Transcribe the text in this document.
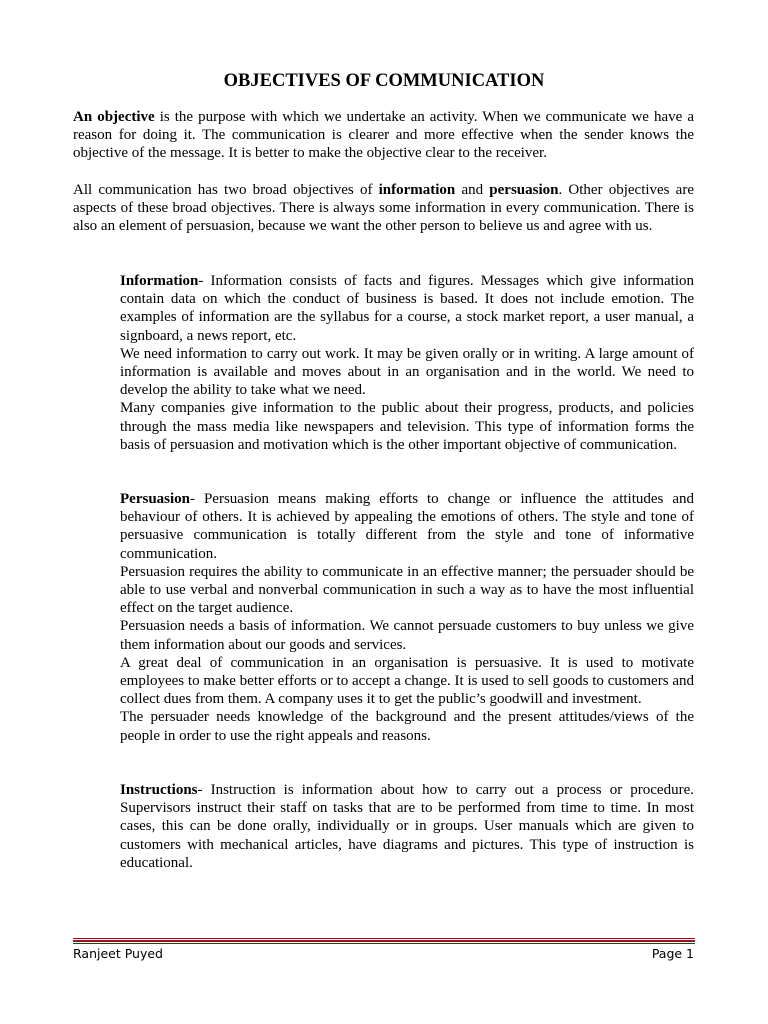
OBJECTIVES OF COMMUNICATION

An objective is the purpose with which we undertake an activity. When we communicate we have a reason for doing it. The communication is clearer and more effective when the sender knows the objective of the message. It is better to make the objective clear to the receiver.

All communication has two broad objectives of information and persuasion. Other objectives are aspects of these broad objectives. There is always some information in every communication. There is also an element of persuasion, because we want the other person to believe us and agree with us.

Information- Information consists of facts and figures. Messages which give information contain data on which the conduct of business is based. It does not include emotion. The examples of information are the syllabus for a course, a stock market report, a user manual, a signboard, a news report, etc.

We need information to carry out work. It may be given orally or in writing. A large amount of information is available and moves about in an organisation and in the world. We need to develop the ability to take what we need.

Many companies give information to the public about their progress, products, and policies through the mass media like newspapers and television. This type of information forms the basis of persuasion and motivation which is the other important objective of communication.

Persuasion- Persuasion means making efforts to change or influence the attitudes and behaviour of others. It is achieved by appealing the emotions of others. The style and tone of persuasive communication is totally different from the style and tone of informative communication.

Persuasion requires the ability to communicate in an effective manner; the persuader should be able to use verbal and nonverbal communication in such a way as to have the most influential effect on the target audience.

Persuasion needs a basis of information. We cannot persuade customers to buy unless we give them information about our goods and services.

A great deal of communication in an organisation is persuasive. It is used to motivate employees to make better efforts or to accept a change. It is used to sell goods to customers and collect dues from them. A company uses it to get the public’s goodwill and investment.

The persuader needs knowledge of the background and the present attitudes/views of the people in order to use the right appeals and reasons.

Instructions- Instruction is information about how to carry out a process or procedure. Supervisors instruct their staff on tasks that are to be performed from time to time. In most cases, this can be done orally, individually or in groups. User manuals which are given to customers with mechanical articles, have diagrams and pictures. This type of instruction is educational.

Ranjeet Puyed	Page 1
